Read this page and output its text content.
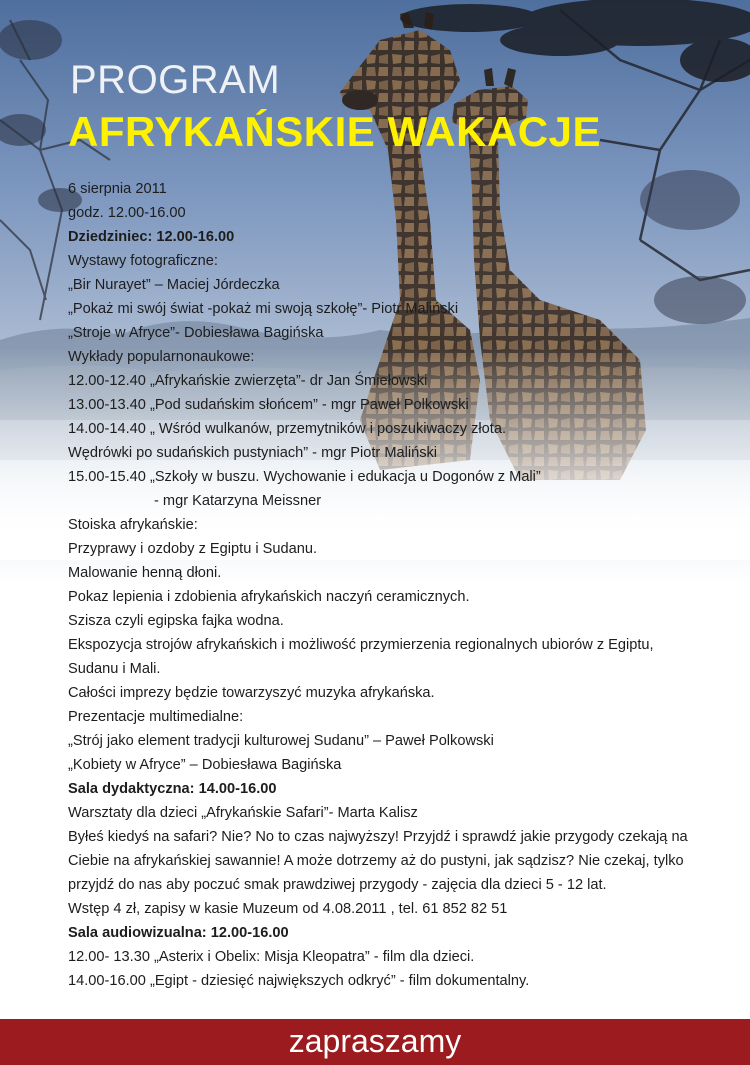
PROGRAM
AFRYKAŃSKIE WAKACJE
6 sierpnia 2011
godz. 12.00-16.00
Dziedziniec: 12.00-16.00
Wystawy fotograficzne:
„Bir Nurayet” – Maciej Jórdeczka
„Pokaż mi swój świat -pokaż mi swoją szkołę”- Piotr Maliński
„Stroje w Afryce”- Dobiesława Bagińska
Wykłady popularnonaukowe:
12.00-12.40 „Afrykańskie zwierzęta”- dr Jan Śmiełowski
13.00-13.40 „Pod sudańskim słońcem” - mgr Paweł Polkowski
14.00-14.40 „ Wśród wulkanów, przemytników i poszukiwaczy złota.
Wędrówki po sudańskich pustyniach” - mgr Piotr Maliński
15.00-15.40 „Szkoły w buszu. Wychowanie i edukacja u Dogonów z Mali”
- mgr Katarzyna Meissner
Stoiska afrykańskie:
Przyprawy i ozdoby z Egiptu i Sudanu.
Malowanie henną dłoni.
Pokaz lepienia i zdobienia afrykańskich naczyń ceramicznych.
Szisza czyli egipska fajka wodna.
Ekspozycja strojów afrykańskich i możliwość przymierzenia regionalnych ubiorów z Egiptu,
Sudanu i Mali.
Całości imprezy będzie towarzyszyć muzyka afrykańska.
Prezentacje multimedialne:
„Strój jako element tradycji kulturowej Sudanu” – Paweł Polkowski
„Kobiety w Afryce” – Dobiesława Bagińska
Sala dydaktyczna: 14.00-16.00
Warsztaty dla dzieci „Afrykańskie Safari”- Marta Kalisz
Byłeś kiedyś na safari? Nie? No to czas najwyższy! Przyjdź i sprawdź jakie przygody czekają na
Ciebie na afrykańskiej sawannie! A może dotrzemy aż do pustyni, jak sądzisz? Nie czekaj, tylko
przyjdź do nas aby poczuć smak prawdziwej przygody - zajęcia dla dzieci 5 - 12 lat.
Wstęp 4 zł, zapisy w kasie Muzeum od 4.08.2011 , tel. 61 852 82 51
Sala audiowizualna: 12.00-16.00
12.00- 13.30 „Asterix i Obelix: Misja Kleopatra” - film dla dzieci.
14.00-16.00 „Egipt - dziesięć największych odkryć” - film dokumentalny.
zapraszamy
